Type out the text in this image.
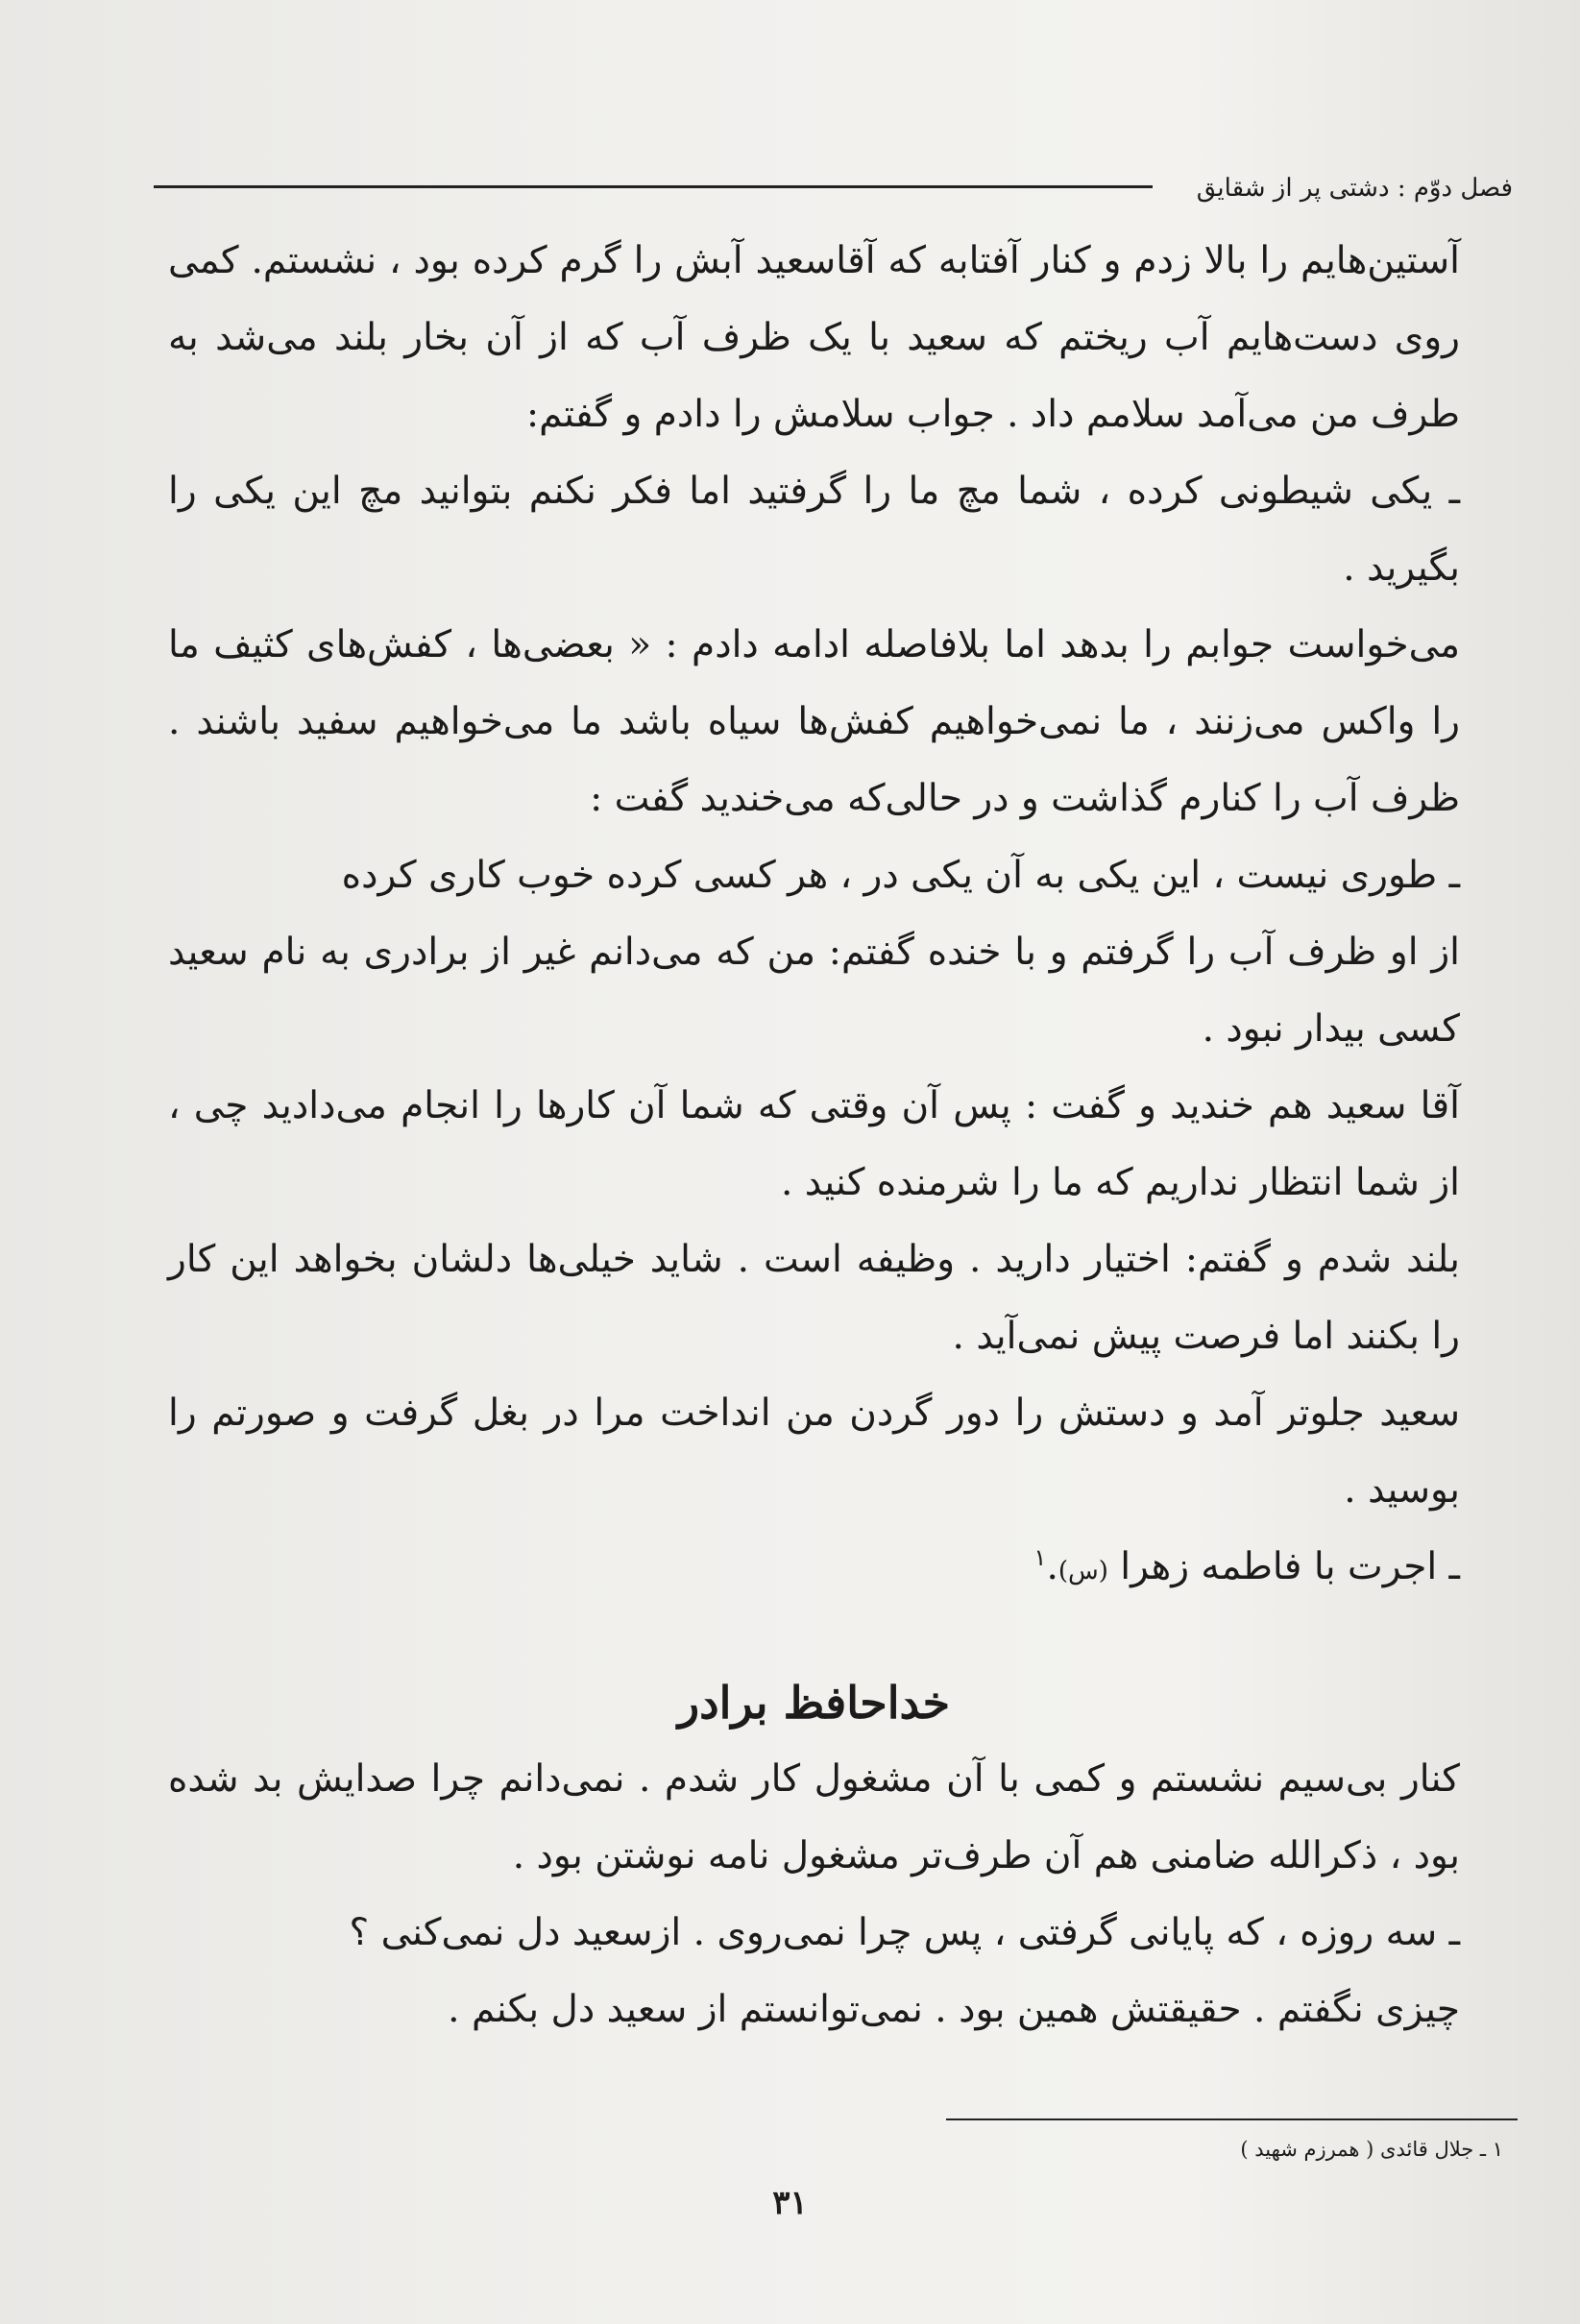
فصل دوّم : دشتی پر از شقایق

آستین‌هایم را بالا زدم و کنار آفتابه که آقاسعید آبش را گرم کرده بود ، نشستم. کمی روی دست‌هایم آب ریختم که سعید با یک ظرف آب که از آن بخار بلند می‌شد به طرف من می‌آمد سلامم داد . جواب سلامش را دادم و گفتم:

ـ یکی شیطونی کرده ، شما مچ ما را گرفتید اما فکر نکنم بتوانید مچ این یکی را بگیرید .

می‌خواست جوابم را بدهد اما بلافاصله ادامه دادم : « بعضی‌ها ، کفش‌های کثیف ما را واکس می‌زنند ، ما نمی‌خواهیم کفش‌ها سیاه باشد ما می‌خواهیم سفید باشند . ظرف آب را کنارم گذاشت و در حالی‌که می‌خندید گفت :

ـ طوری نیست ، این یکی به آن یکی در ، هر کسی کرده خوب کاری کرده

از او ظرف آب را گرفتم و با خنده گفتم: من که می‌دانم غیر از برادری به نام سعید کسی بیدار نبود .

آقا سعید هم خندید و گفت : پس آن وقتی که شما آن کارها را انجام می‌دادید چی ، از شما انتظار نداریم که ما را شرمنده کنید .

بلند شدم و گفتم: اختیار دارید . وظیفه است . شاید خیلی‌ها دلشان بخواهد این کار را بکنند اما فرصت پیش نمی‌آید .

سعید جلوتر آمد و دستش را دور گردن من انداخت مرا در بغل گرفت و صورتم را بوسید .

ـ اجرت با فاطمه زهرا (س).$^۱$

خداحافظ برادر

کنار بی‌سیم نشستم و کمی با آن مشغول کار شدم . نمی‌دانم چرا صدایش بد شده بود ، ذکرالله ضامنی هم آن طرف‌تر مشغول نامه نوشتن بود .

ـ سه روزه ، که پایانی گرفتی ، پس چرا نمی‌روی . ازسعید دل نمی‌کنی ؟

چیزی نگفتم . حقیقتش همین بود . نمی‌توانستم از سعید دل بکنم .

۱ ـ جلال قائدی ( همرزم شهید )
۳۱
